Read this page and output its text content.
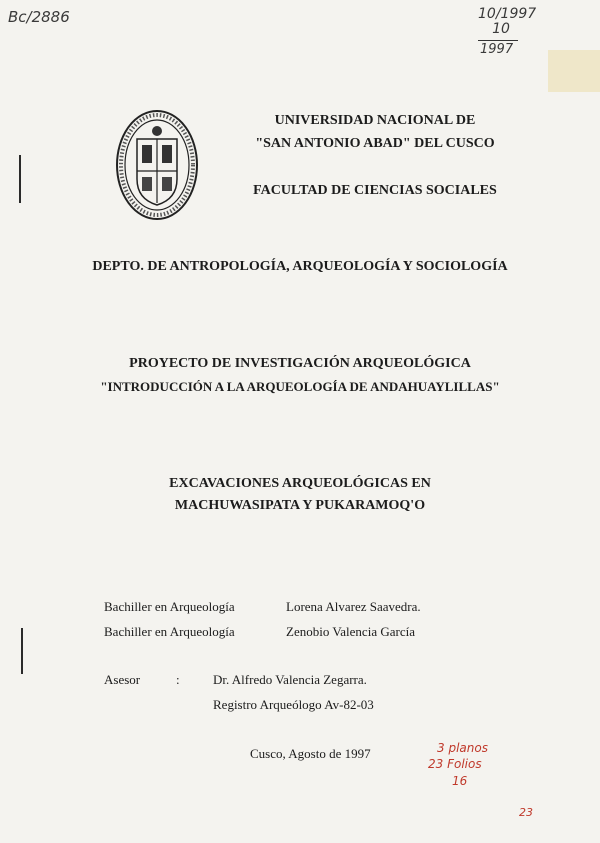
Bc/2886	10/1997
10
1997
UNIVERSIDAD NACIONAL DE
"SAN ANTONIO ABAD" DEL CUSCO
FACULTAD DE CIENCIAS SOCIALES
DEPTO. DE ANTROPOLOGÍA, ARQUEOLOGÍA Y SOCIOLOGÍA
PROYECTO DE INVESTIGACIÓN ARQUEOLÓGICA
"INTRODUCCIÓN A LA ARQUEOLOGÍA DE ANDAHUAYLILLAS"
EXCAVACIONES ARQUEOLÓGICAS EN
MACHUWASIPATA Y PUKARAMOQ'O
Bachiller en Arqueología	Lorena Alvarez Saavedra.
Bachiller en Arqueología	Zenobio Valencia García
Asesor	:	Dr. Alfredo Valencia Zegarra.
Registro Arqueólogo Av-82-03
Cusco, Agosto de 1997	3 planos
23 Folios
16
23
